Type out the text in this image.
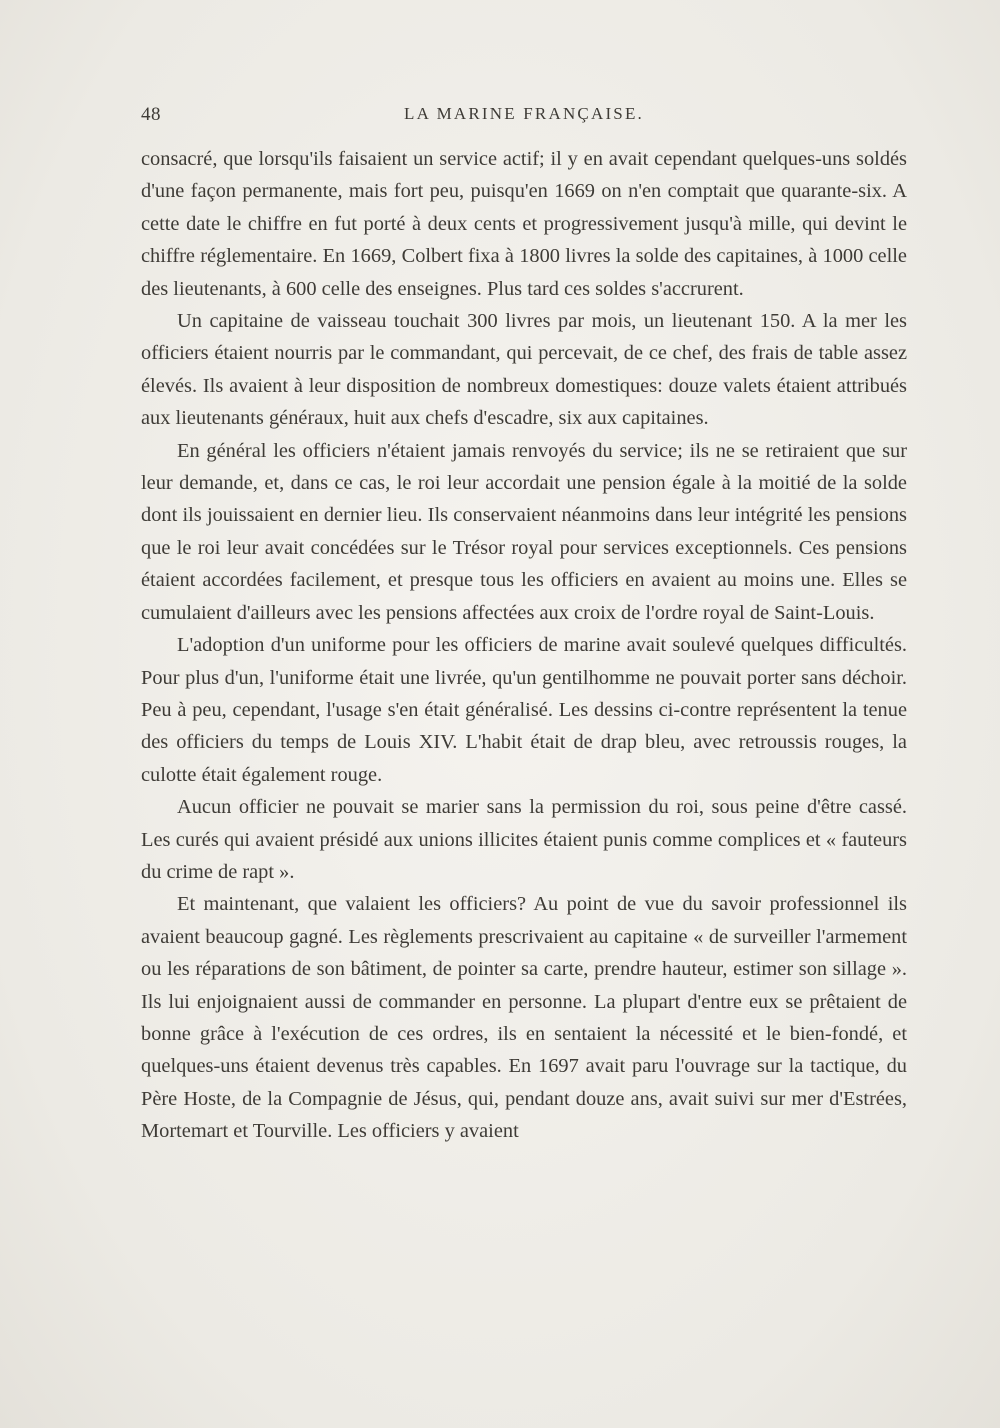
48	LA MARINE FRANÇAISE.

consacré, que lorsqu'ils faisaient un service actif; il y en avait cependant quelques-uns soldés d'une façon permanente, mais fort peu, puisqu'en 1669 on n'en comptait que quarante-six. A cette date le chiffre en fut porté à deux cents et progressivement jusqu'à mille, qui devint le chiffre réglementaire. En 1669, Colbert fixa à 1800 livres la solde des capitaines, à 1000 celle des lieutenants, à 600 celle des enseignes. Plus tard ces soldes s'accrurent.

Un capitaine de vaisseau touchait 300 livres par mois, un lieutenant 150. A la mer les officiers étaient nourris par le commandant, qui percevait, de ce chef, des frais de table assez élevés. Ils avaient à leur disposition de nombreux domestiques: douze valets étaient attribués aux lieutenants généraux, huit aux chefs d'escadre, six aux capitaines.

En général les officiers n'étaient jamais renvoyés du service; ils ne se retiraient que sur leur demande, et, dans ce cas, le roi leur accordait une pension égale à la moitié de la solde dont ils jouissaient en dernier lieu. Ils conservaient néanmoins dans leur intégrité les pensions que le roi leur avait concédées sur le Trésor royal pour services exceptionnels. Ces pensions étaient accordées facilement, et presque tous les officiers en avaient au moins une. Elles se cumulaient d'ailleurs avec les pensions affectées aux croix de l'ordre royal de Saint-Louis.

L'adoption d'un uniforme pour les officiers de marine avait soulevé quelques difficultés. Pour plus d'un, l'uniforme était une livrée, qu'un gentilhomme ne pouvait porter sans déchoir. Peu à peu, cependant, l'usage s'en était généralisé. Les dessins ci-contre représentent la tenue des officiers du temps de Louis XIV. L'habit était de drap bleu, avec retroussis rouges, la culotte était également rouge.

Aucun officier ne pouvait se marier sans la permission du roi, sous peine d'être cassé. Les curés qui avaient présidé aux unions illicites étaient punis comme complices et « fauteurs du crime de rapt ».

Et maintenant, que valaient les officiers? Au point de vue du savoir professionnel ils avaient beaucoup gagné. Les règlements prescrivaient au capitaine « de surveiller l'armement ou les réparations de son bâtiment, de pointer sa carte, prendre hauteur, estimer son sillage ». Ils lui enjoignaient aussi de commander en personne. La plupart d'entre eux se prêtaient de bonne grâce à l'exécution de ces ordres, ils en sentaient la nécessité et le bien-fondé, et quelques-uns étaient devenus très capables. En 1697 avait paru l'ouvrage sur la tactique, du Père Hoste, de la Compagnie de Jésus, qui, pendant douze ans, avait suivi sur mer d'Estrées, Mortemart et Tourville. Les officiers y avaient
